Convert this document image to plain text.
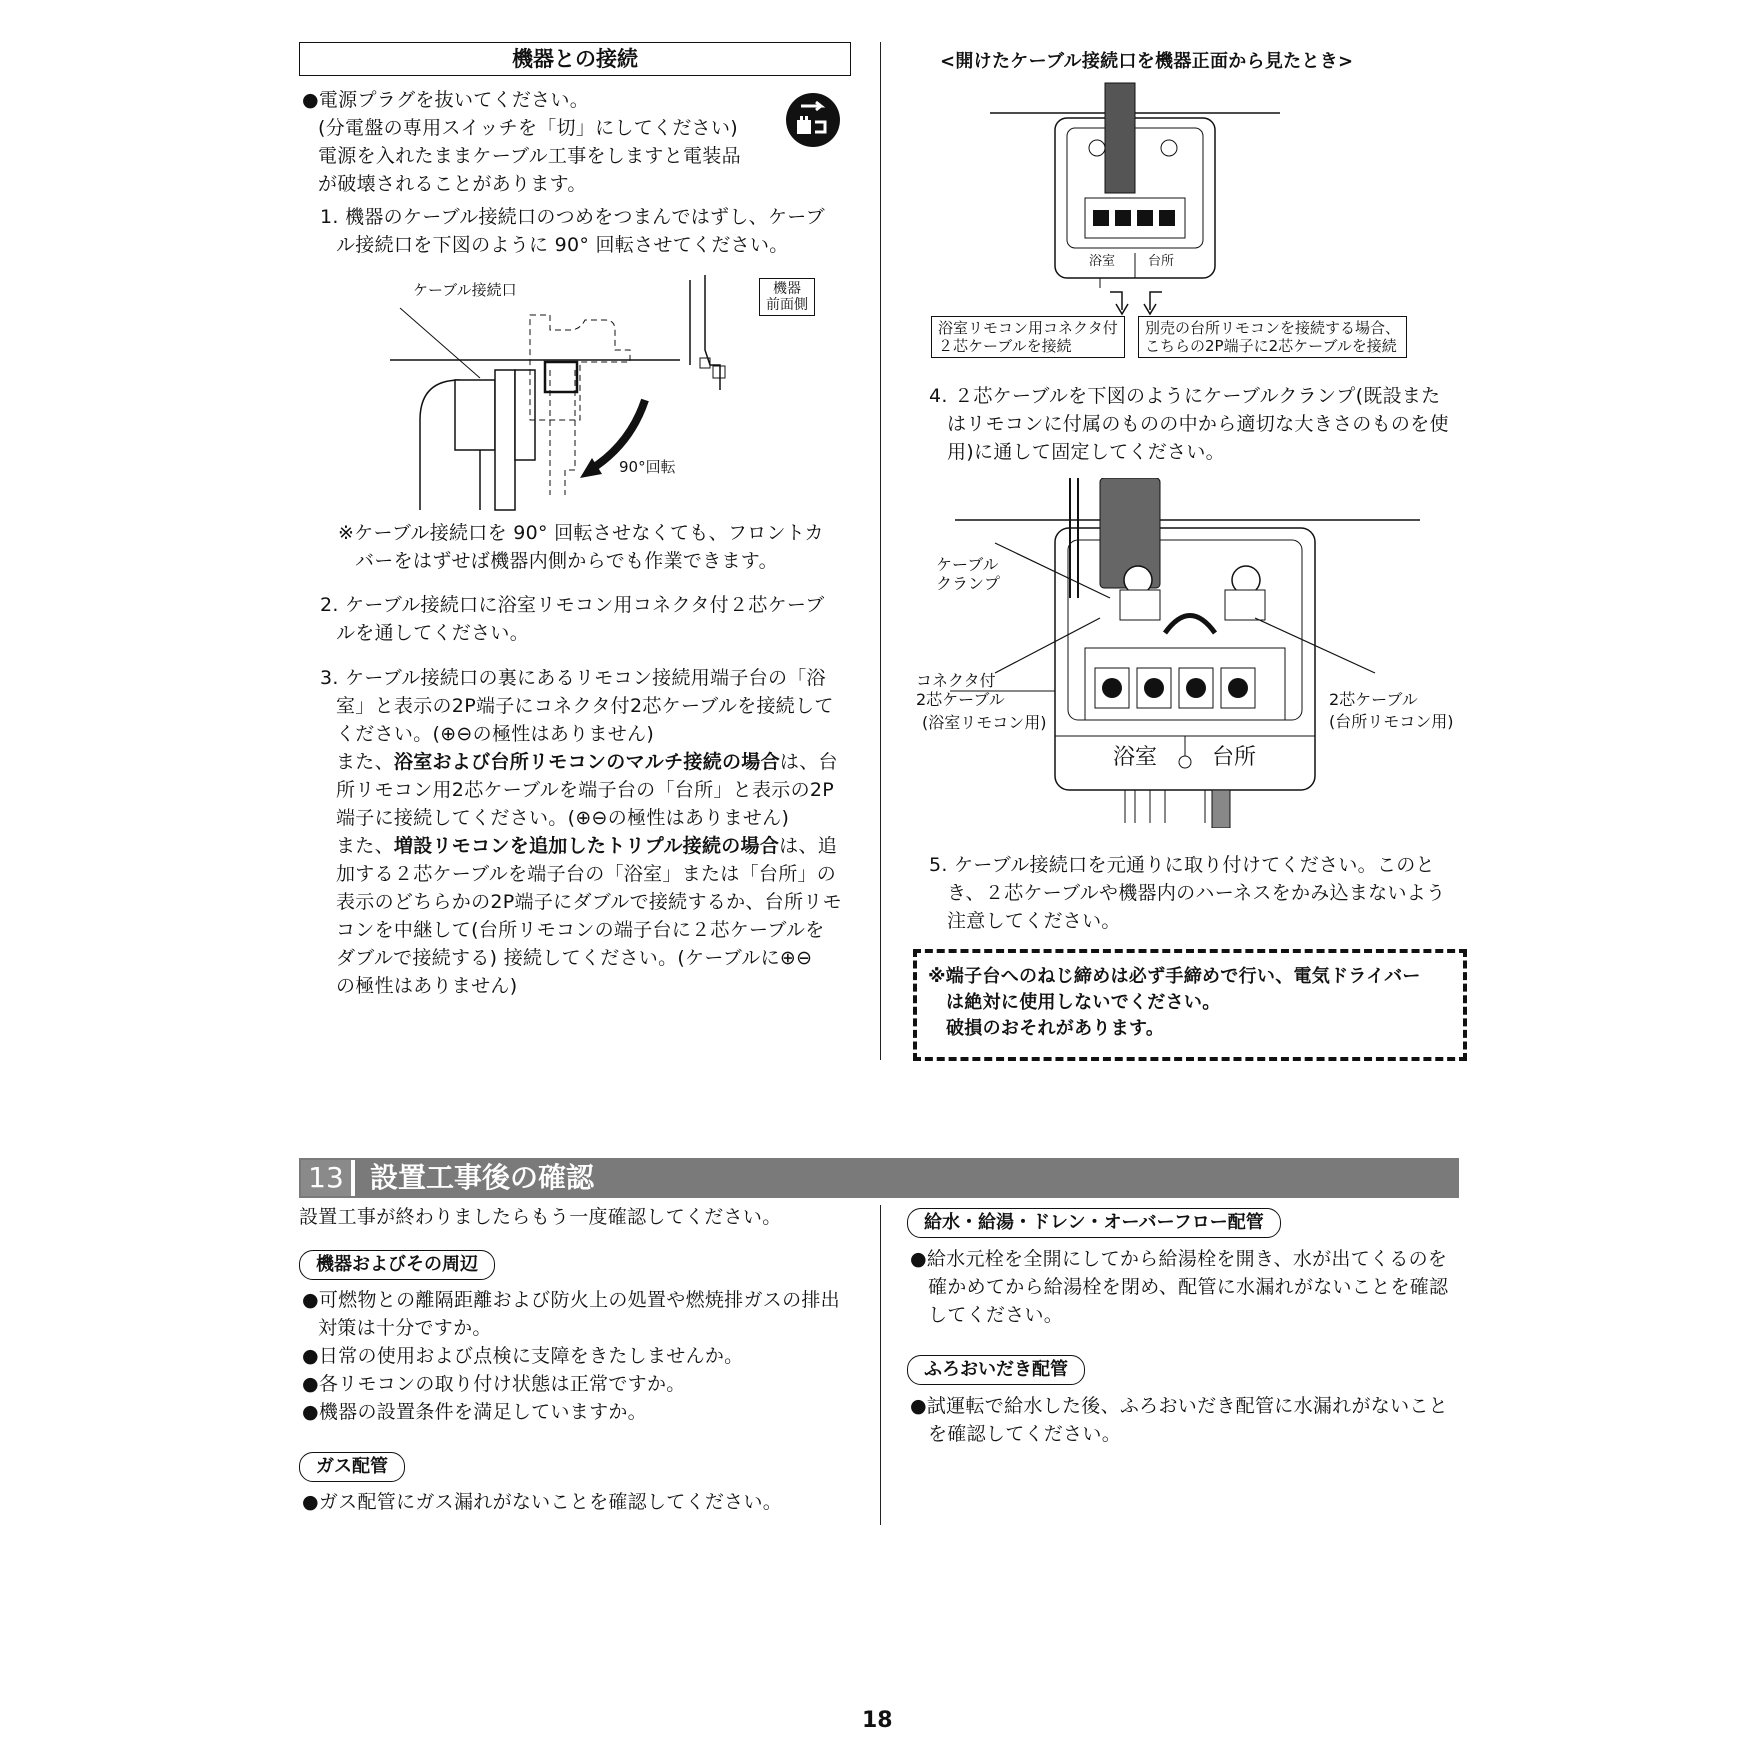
機器との接続
●電源プラグを抜いてください。
(分電盤の専用スイッチを「切」にしてください)
電源を入れたままケーブル工事をしますと電装品
が破壊されることがあります。
1. 機器のケーブル接続口のつめをつまんではずし、ケーブ
ル接続口を下図のように 90° 回転させてください。
ケーブル接続口	機器
前面側
90°回転
※ケーブル接続口を 90° 回転させなくても、フロントカ
バーをはずせば機器内側からでも作業できます。
2. ケーブル接続口に浴室リモコン用コネクタ付２芯ケーブ
ルを通してください。
3. ケーブル接続口の裏にあるリモコン接続用端子台の「浴
室」と表示の2P端子にコネクタ付2芯ケーブルを接続して
ください。(⊕⊖の極性はありません)
また、浴室および台所リモコンのマルチ接続の場合は、台
所リモコン用2芯ケーブルを端子台の「台所」と表示の2P
端子に接続してください。(⊕⊖の極性はありません)
また、増設リモコンを追加したトリプル接続の場合は、追
加する２芯ケーブルを端子台の「浴室」または「台所」の
表示のどちらかの2P端子にダブルで接続するか、台所リモ
コンを中継して(台所リモコンの端子台に２芯ケーブルを
ダブルで接続する) 接続してください。(ケーブルに⊕⊖
の極性はありません)
<開けたケーブル接続口を機器正面から見たとき>
浴室	台所
浴室リモコン用コネクタ付
２芯ケーブルを接続
別売の台所リモコンを接続する場合、
こちらの2P端子に2芯ケーブルを接続
4. ２芯ケーブルを下図のようにケーブルクランプ(既設また
はリモコンに付属のものの中から適切な大きさのものを使
用)に通して固定してください。
ケーブル
クランプ
コネクタ付
2芯ケーブル
(浴室リモコン用)
2芯ケーブル
(台所リモコン用)
浴室 台所
5. ケーブル接続口を元通りに取り付けてください。このと
き、２芯ケーブルや機器内のハーネスをかみ込まないよう
注意してください。
※端子台へのねじ締めは必ず手締めで行い、電気ドライバー
は絶対に使用しないでください。
破損のおそれがあります。
13 設置工事後の確認
設置工事が終わりましたらもう一度確認してください。
機器およびその周辺
●可燃物との離隔距離および防火上の処置や燃焼排ガスの排出
対策は十分ですか。
●日常の使用および点検に支障をきたしませんか。
●各リモコンの取り付け状態は正常ですか。
●機器の設置条件を満足していますか。
ガス配管
●ガス配管にガス漏れがないことを確認してください。
給水・給湯・ドレン・オーバーフロー配管
●給水元栓を全開にしてから給湯栓を開き、水が出てくるのを
確かめてから給湯栓を閉め、配管に水漏れがないことを確認
してください。
ふろおいだき配管
●試運転で給水した後、ふろおいだき配管に水漏れがないこと
を確認してください。
18
